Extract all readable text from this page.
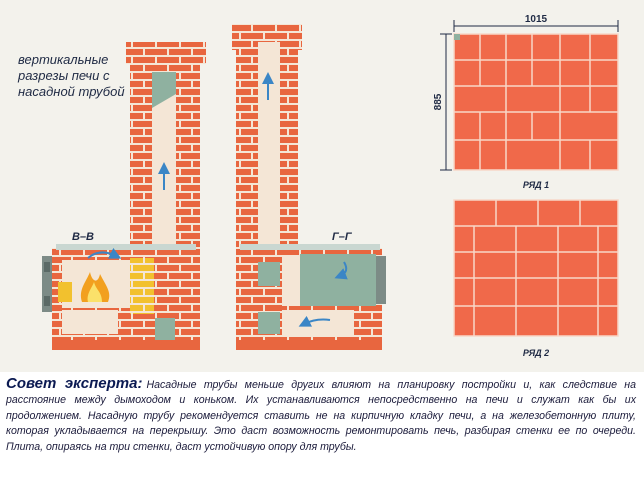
В–В	Г–Г
1015
885
РЯД 1
РЯД 2
вертикальные разрезы печи с насадной трубой
Совет эксперта: Насадные трубы меньше других влияют на планировку постройки и, как следствие на расстояние между дымоходом и коньком. Их устанавливаются непосредственно на печи и служат как бы их продолжением. Насадную трубу рекомендуется ставить не на кирпичную кладку печи, а на железобетонную плиту, которая укладывается на перекрышу. Это даст возможность ремонтировать печь, разбирая стенки ее по очереди. Плита, опираясь на три стенки, даст устойчивую опору для трубы.
